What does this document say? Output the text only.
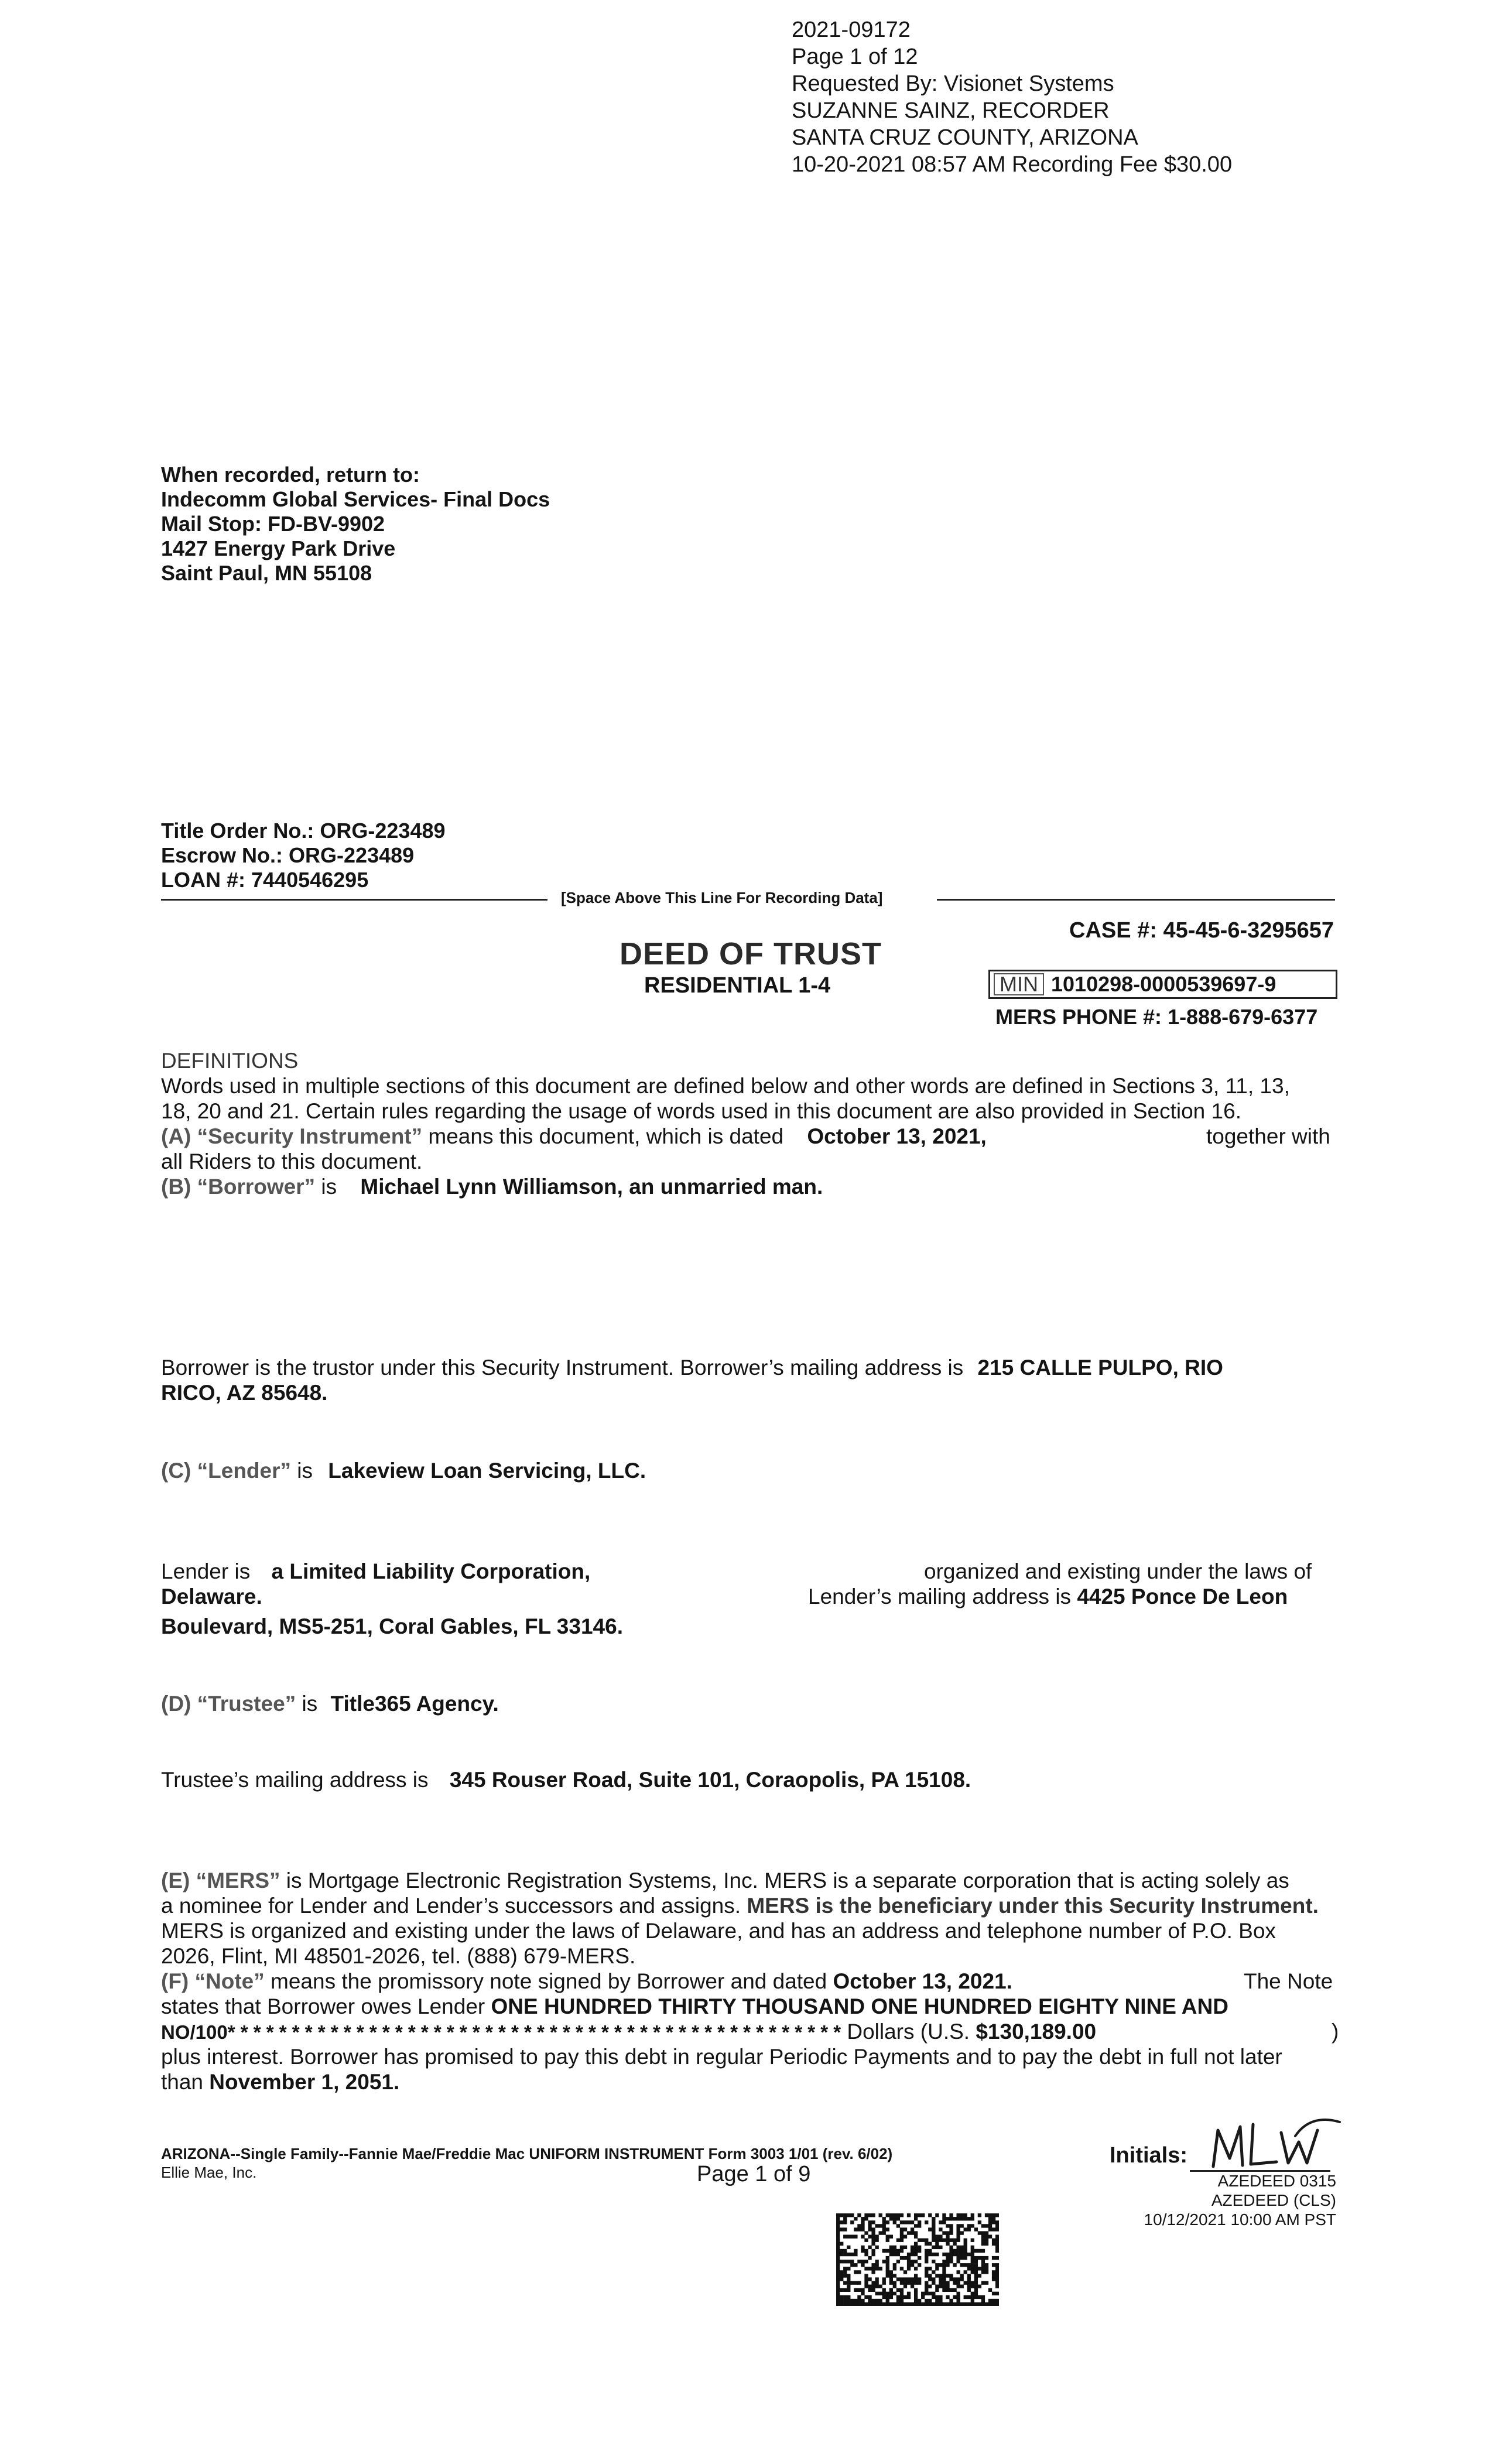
2021-09172
Page 1 of 12
Requested By: Visionet Systems
SUZANNE SAINZ, RECORDER
SANTA CRUZ COUNTY, ARIZONA
10-20-2021 08:57 AM Recording Fee $30.00
When recorded, return to:
Indecomm Global Services- Final Docs
Mail Stop: FD-BV-9902
1427 Energy Park Drive
Saint Paul, MN 55108
Title Order No.: ORG-223489
Escrow No.: ORG-223489
LOAN #: 7440546295
[Space Above This Line For Recording Data]
DEED OF TRUST
RESIDENTIAL 1-4
CASE #: 45-45-6-3295657
MIN 1010298-0000539697-9
MERS PHONE #: 1-888-679-6377
DEFINITIONS
Words used in multiple sections of this document are defined below and other words are defined in Sections 3, 11, 13,
18, 20 and 21. Certain rules regarding the usage of words used in this document are also provided in Section 16.
(A) “Security Instrument” means this document, which is dated October 13, 2021,	together with
all Riders to this document.
(B) “Borrower” is Michael Lynn Williamson, an unmarried man.
Borrower is the trustor under this Security Instrument. Borrower’s mailing address is 215 CALLE PULPO, RIO
RICO, AZ 85648.
(C) “Lender” is Lakeview Loan Servicing, LLC.
Lender is a Limited Liability Corporation,	organized and existing under the laws of
Delaware.	Lender’s mailing address is 4425 Ponce De Leon
Boulevard, MS5-251, Coral Gables, FL 33146.
(D) “Trustee” is Title365 Agency.
Trustee’s mailing address is 345 Rouser Road, Suite 101, Coraopolis, PA 15108.
(E) “MERS” is Mortgage Electronic Registration Systems, Inc. MERS is a separate corporation that is acting solely as
a nominee for Lender and Lender’s successors and assigns. MERS is the beneficiary under this Security Instrument.
MERS is organized and existing under the laws of Delaware, and has an address and telephone number of P.O. Box
2026, Flint, MI 48501-2026, tel. (888) 679-MERS.
(F) “Note” means the promissory note signed by Borrower and dated October 13, 2021.	The Note
states that Borrower owes Lender ONE HUNDRED THIRTY THOUSAND ONE HUNDRED EIGHTY NINE AND
NO/100* * * * * * * * * * * * * * * * * * * * * * * * * * * * * * * * * * * * * * * * * * * * * * * * Dollars (U.S. $130,189.00	)
plus interest. Borrower has promised to pay this debt in regular Periodic Payments and to pay the debt in full not later
than November 1, 2051.
ARIZONA--Single Family--Fannie Mae/Freddie Mac UNIFORM INSTRUMENT Form 3003 1/01 (rev. 6/02)
Ellie Mae, Inc.	Page 1 of 9
Initials:
AZEDEED 0315
AZEDEED (CLS)
10/12/2021 10:00 AM PST
